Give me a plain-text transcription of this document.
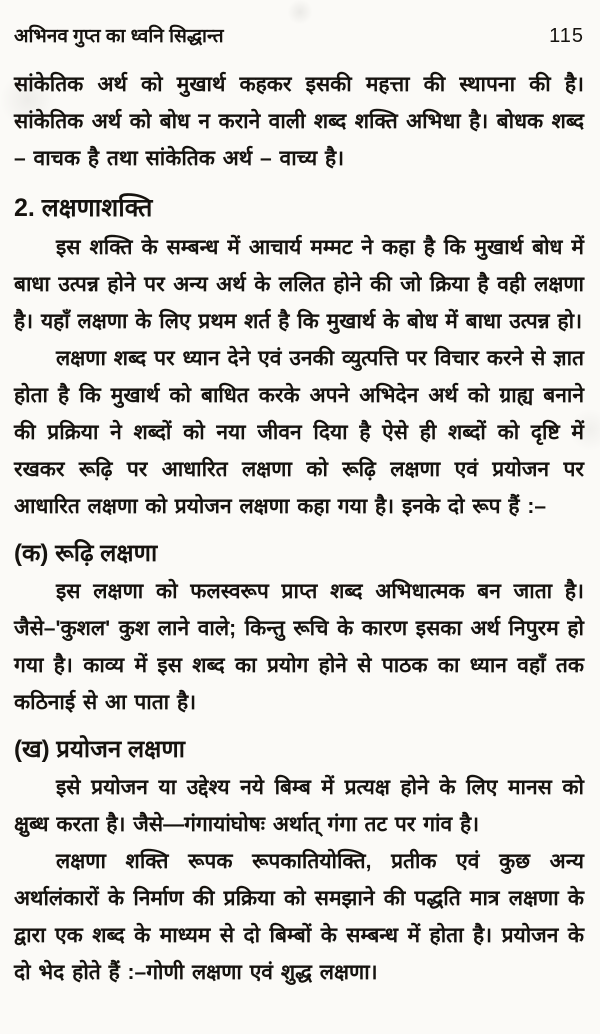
अभिनव गुप्त का ध्वनि सिद्धान्त	115

सांकेतिक अर्थ को मुखार्थ कहकर इसकी महत्ता की स्थापना की है। सांकेतिक अर्थ को बोध न कराने वाली शब्द शक्ति अभिधा है। बोधक शब्द – वाचक है तथा सांकेतिक अर्थ – वाच्य है।

2. लक्षणाशक्ति

इस शक्ति के सम्बन्ध में आचार्य मम्मट ने कहा है कि मुखार्थ बोध में बाधा उत्पन्न होने पर अन्य अर्थ के ललित होने की जो क्रिया है वही लक्षणा है। यहाँ लक्षणा के लिए प्रथम शर्त है कि मुखार्थ के बोध में बाधा उत्पन्न हो।

लक्षणा शब्द पर ध्यान देने एवं उनकी व्युत्पत्ति पर विचार करने से ज्ञात होता है कि मुखार्थ को बाधित करके अपने अभिदेन अर्थ को ग्राह्य बनाने की प्रक्रिया ने शब्दों को नया जीवन दिया है ऐसे ही शब्दों को दृष्टि में रखकर रूढ़ि पर आधारित लक्षणा को रूढ़ि लक्षणा एवं प्रयोजन पर आधारित लक्षणा को प्रयोजन लक्षणा कहा गया है। इनके दो रूप हैं :–

(क) रूढ़ि लक्षणा

इस लक्षणा को फलस्वरूप प्राप्त शब्द अभिधात्मक बन जाता है। जैसे–'कुशल' कुश लाने वाले; किन्तु रूचि के कारण इसका अर्थ निपुरम हो गया है। काव्य में इस शब्द का प्रयोग होने से पाठक का ध्यान वहाँ तक कठिनाई से आ पाता है।

(ख) प्रयोजन लक्षणा

इसे प्रयोजन या उद्देश्य नये बिम्ब में प्रत्यक्ष होने के लिए मानस को क्षुब्ध करता है। जैसे—गंगायांघोषः अर्थात् गंगा तट पर गांव है।

लक्षणा शक्ति रूपक रूपकातियोक्ति, प्रतीक एवं कुछ अन्य अर्थालंकारों के निर्माण की प्रक्रिया को समझाने की पद्धति मात्र लक्षणा के द्वारा एक शब्द के माध्यम से दो बिम्बों के सम्बन्ध में होता है। प्रयोजन के दो भेद होते हैं :–गोणी लक्षणा एवं शुद्ध लक्षणा।
